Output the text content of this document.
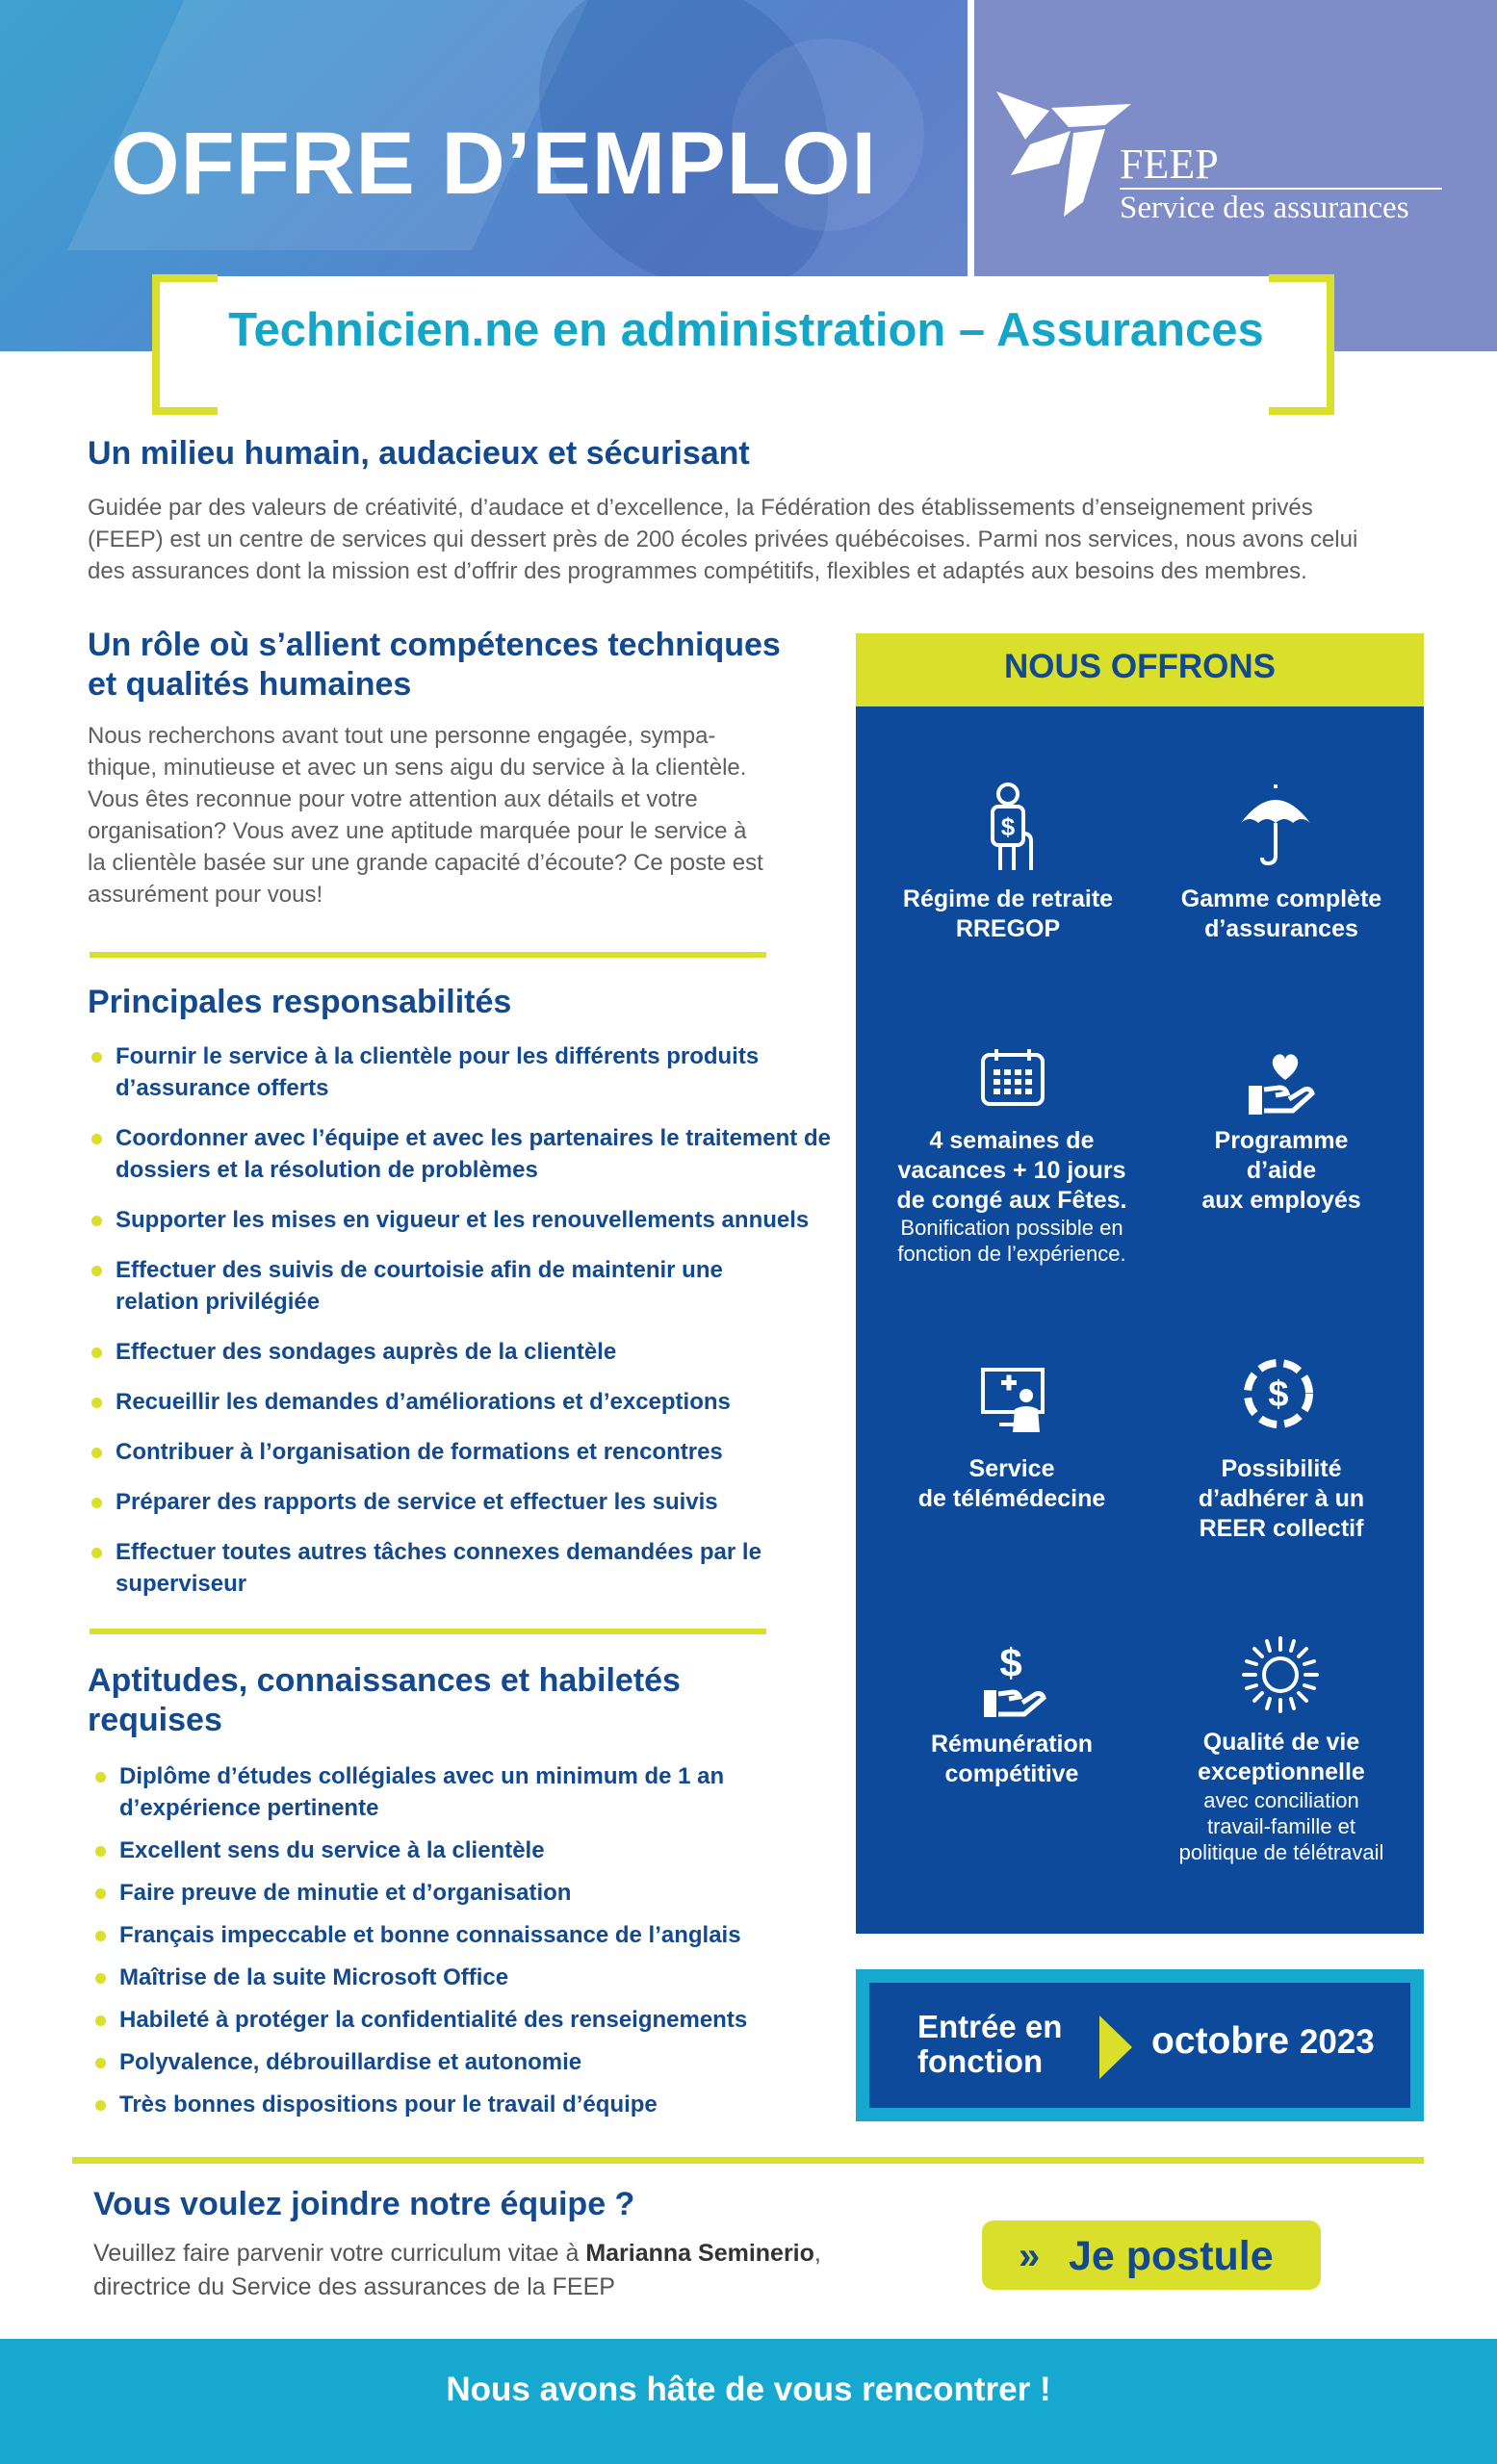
OFFRE D’EMPLOI	FEEP
Service des assurances
Technicien.ne en administration – Assurances
Un milieu humain, audacieux et sécurisant
Guidée par des valeurs de créativité, d’audace et d’excellence, la Fédération des établissements d’enseignement privés
(FEEP) est un centre de services qui dessert près de 200 écoles privées québécoises. Parmi nos services, nous avons celui
des assurances dont la mission est d’offrir des programmes compétitifs, flexibles et adaptés aux besoins des membres.
Un rôle où s’allient compétences techniques
et qualités humaines
Nous recherchons avant tout une personne engagée, sympa-
thique, minutieuse et avec un sens aigu du service à la clientèle.
Vous êtes reconnue pour votre attention aux détails et votre
organisation? Vous avez une aptitude marquée pour le service à
la clientèle basée sur une grande capacité d’écoute? Ce poste est
assurément pour vous!
Principales responsabilités
Fournir le service à la clientèle pour les différents produits d’assurance offerts
Coordonner avec l’équipe et avec les partenaires le traitement de dossiers et la résolution de problèmes
Supporter les mises en vigueur et les renouvellements annuels
Effectuer des suivis de courtoisie afin de maintenir une relation privilégiée
Effectuer des sondages auprès de la clientèle
Recueillir les demandes d’améliorations et d’exceptions
Contribuer à l’organisation de formations et rencontres
Préparer des rapports de service et effectuer les suivis
Effectuer toutes autres tâches connexes demandées par le superviseur
Aptitudes, connaissances et habiletés
requises
Diplôme d’études collégiales avec un minimum de 1 an d’expérience pertinente
Excellent sens du service à la clientèle
Faire preuve de minutie et d’organisation
Français impeccable et bonne connaissance de l’anglais
Maîtrise de la suite Microsoft Office
Habileté à protéger la confidentialité des renseignements
Polyvalence, débrouillardise et autonomie
Très bonnes dispositions pour le travail d’équipe
NOUS OFFRONS
$
Régime de retraite
RREGOP
Gamme complète
d’assurances
4 semaines de
vacances + 10 jours
de congé aux Fêtes.
Bonification possible en
fonction de l’expérience.
Programme
d’aide
aux employés
Service
de télémédecine
$
Possibilité
d’adhérer à un
REER collectif
$
Rémunération
compétitive
Qualité de vie
exceptionnelle
avec conciliation
travail-famille et
politique de télétravail
Entrée en fonction	octobre 2023
Vous voulez joindre notre équipe ?
Veuillez faire parvenir votre curriculum vitae à Marianna Seminerio,
directrice du Service des assurances de la FEEP
» Je postule
Nous avons hâte de vous rencontrer !
